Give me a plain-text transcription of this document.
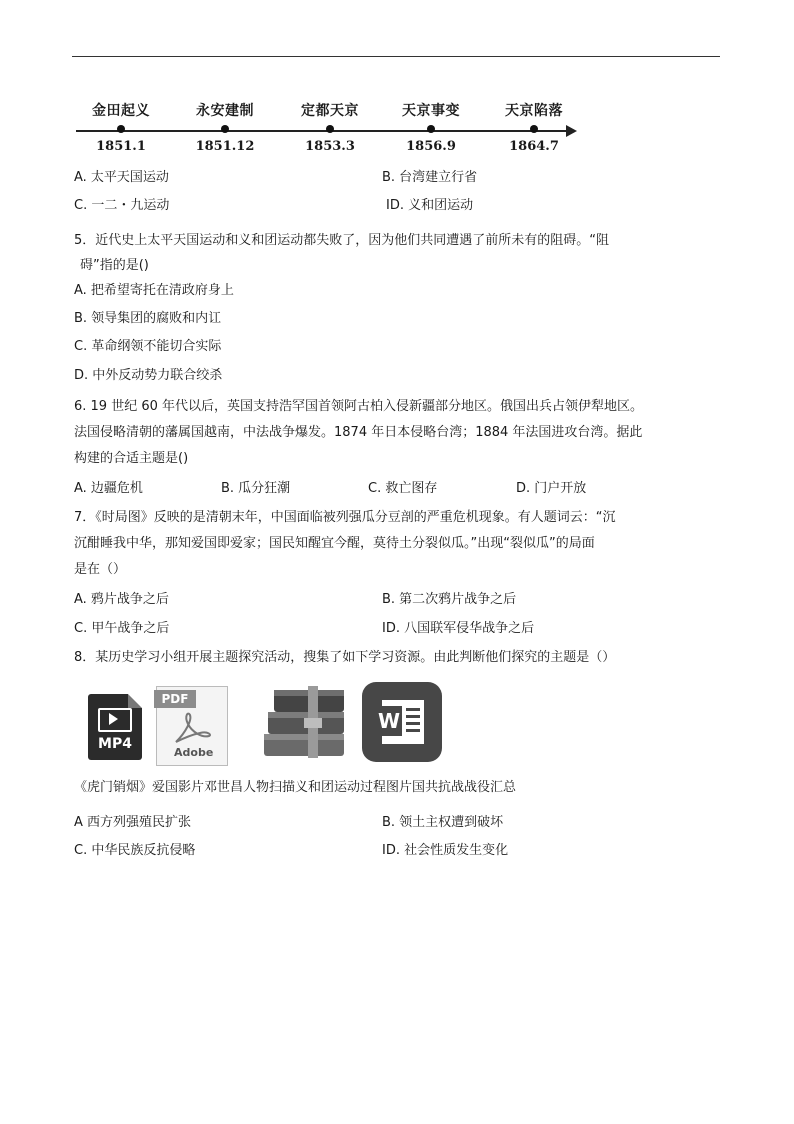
金田起义
1851.1
永安建制
1851.12
定都天京
1853.3
天京事变
1856.9
天京陷落
1864.7
A. 太平天国运动	B. 台湾建立行省
C. 一二・九运动	ID. 义和团运动
5．近代史上太平天国运动和义和团运动都失败了，因为他们共同遭遇了前所未有的阻碍。“阻
碍”指的是()
A. 把希望寄托在清政府身上
B. 领导集团的腐败和内讧
C. 革命纲领不能切合实际
D. 中外反动势力联合绞杀
6. 19 世纪 60 年代以后，英国支持浩罕国首领阿古柏入侵新疆部分地区。俄国出兵占领伊犁地区。
法国侵略清朝的藩属国越南，中法战争爆发。1874 年日本侵略台湾；1884 年法国进攻台湾。据此
构建的合适主题是()
A. 边疆危机	B. 瓜分狂潮	C. 救亡图存	D. 门户开放
7．《时局图》反映的是清朝末年，中国面临被列强瓜分豆剖的严重危机现象。有人题词云：“沉
沉酣睡我中华，那知爱国即爱家；国民知醒宜今醒，莫待土分裂似瓜。”出现“裂似瓜”的局面
是在（）
A. 鸦片战争之后	B. 第二次鸦片战争之后
C. 甲午战争之后	ID. 八国联军侵华战争之后
8．某历史学习小组开展主题探究活动，搜集了如下学习资源。由此判断他们探究的主题是（）
MP4
PDF
Adobe
W
《虎门销烟》爱国影片邓世昌人物扫描义和团运动过程图片国共抗战战役汇总
A 西方列强殖民扩张	B. 领土主权遭到破坏
C. 中华民族反抗侵略	ID. 社会性质发生变化
